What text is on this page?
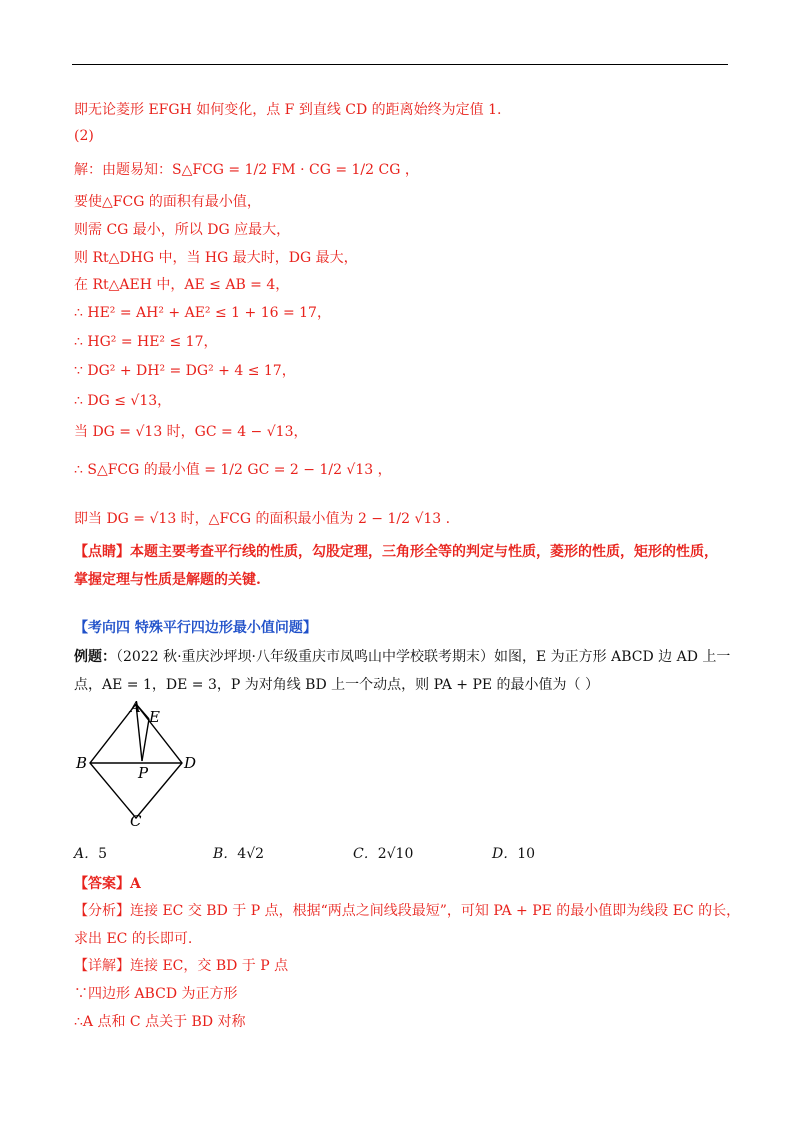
即无论菱形 EFGH 如何变化，点 F 到直线 CD 的距离始终为定值 1.
(2)
解：由题易知：S△FCG = 1/2 FM · CG = 1/2 CG ，
要使△FCG 的面积有最小值，
则需 CG 最小，所以 DG 应最大，
则 Rt△DHG 中，当 HG 最大时，DG 最大，
在 Rt△AEH 中，AE ≤ AB = 4，
∴ HE² = AH² + AE² ≤ 1 + 16 = 17，
∴ HG² = HE² ≤ 17，
∵ DG² + DH² = DG² + 4 ≤ 17，
∴ DG ≤ √13，
当 DG = √13 时，GC = 4 − √13，
∴ S△FCG 的最小值 = 1/2 GC = 2 − 1/2 √13 ，
即当 DG = √13 时，△FCG 的面积最小值为 2 − 1/2 √13 .
【点睛】本题主要考查平行线的性质，勾股定理，三角形全等的判定与性质，菱形的性质，矩形的性质，
掌握定理与性质是解题的关键.
【考向四 特殊平行四边形最小值问题】
例题：（2022 秋·重庆沙坪坝·八年级重庆市凤鸣山中学校联考期末）如图，E 为正方形 ABCD 边 AD 上一
点，AE = 1，DE = 3，P 为对角线 BD 上一个动点，则 PA + PE 的最小值为（ ）
A
E
B	D
P
C
A．5	B．4√2	C．2√10	D．10
【答案】A
【分析】连接 EC 交 BD 于 P 点，根据“两点之间线段最短”，可知 PA + PE 的最小值即为线段 EC 的长，
求出 EC 的长即可.
【详解】连接 EC，交 BD 于 P 点
∵四边形 ABCD 为正方形
∴A 点和 C 点关于 BD 对称
